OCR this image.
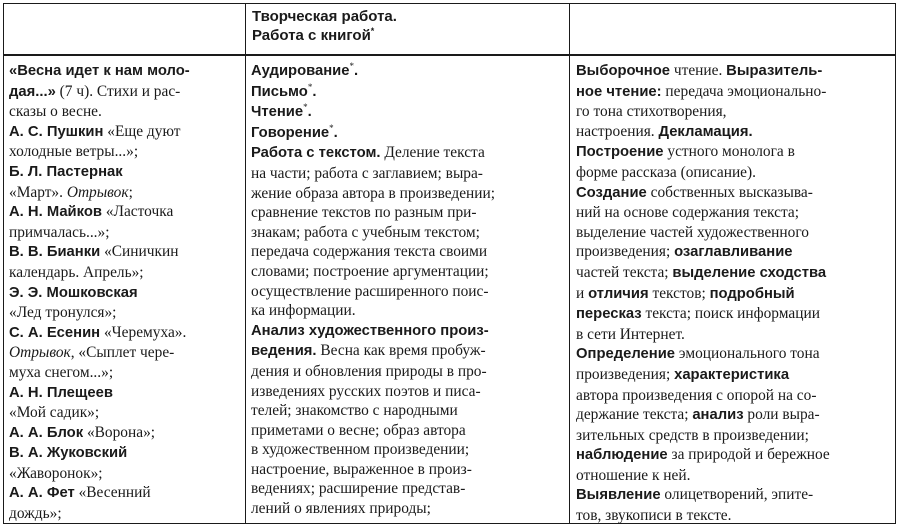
Творческая работа.

Работа с книгой*

«Весна идет к нам моло-

дая...» (7 ч). Стихи и рас-

сказы о весне.

А. С. Пушкин «Еще дуют

холодные ветры...»;

Б. Л. Пастернак

«Март». Отрывок;

А. Н. Майков «Ласточка

примчалась...»;

В. В. Бианки «Синичкин

календарь. Апрель»;

Э. Э. Мошковская

«Лед тронулся»;

С. А. Есенин «Черемуха».

Отрывок, «Сыплет чере-

муха снегом...»;

А. Н. Плещеев

«Мой садик»;

А. А. Блок «Ворона»;

В. А. Жуковский

«Жаворонок»;

А. А. Фет «Весенний

дождь»;

Аудирование*.

Письмо*.

Чтение*.

Говорение*.

Работа с текстом. Деление текста

на части; работа с заглавием; выра-

жение образа автора в произведении;

сравнение текстов по разным при-

знакам; работа с учебным текстом;

передача содержания текста своими

словами; построение аргументации;

осуществление расширенного поис-

ка информации.

Анализ художественного произ-

ведения. Весна как время пробуж-

дения и обновления природы в про-

изведениях русских поэтов и писа-

телей; знакомство с народными

приметами о весне; образ автора

в художественном произведении;

настроение, выраженное в произ-

ведениях; расширение представ-

лений о явлениях природы;

Выборочное чтение. Выразитель-

ное чтение: передача эмоционально-

го тона стихотворения,

настроения. Декламация.

Построение устного монолога в

форме рассказа (описание).

Создание собственных высказыва-

ний на основе содержания текста;

выделение частей художественного

произведения; озаглавливание

частей текста; выделение сходства

и отличия текстов; подробный

пересказ текста; поиск информации

в сети Интернет.

Определение эмоционального тона

произведения; характеристика

автора произведения с опорой на со-

держание текста; анализ роли выра-

зительных средств в произведении;

наблюдение за природой и бережное

отношение к ней.

Выявление олицетворений, эпите-

тов, звукописи в тексте.
